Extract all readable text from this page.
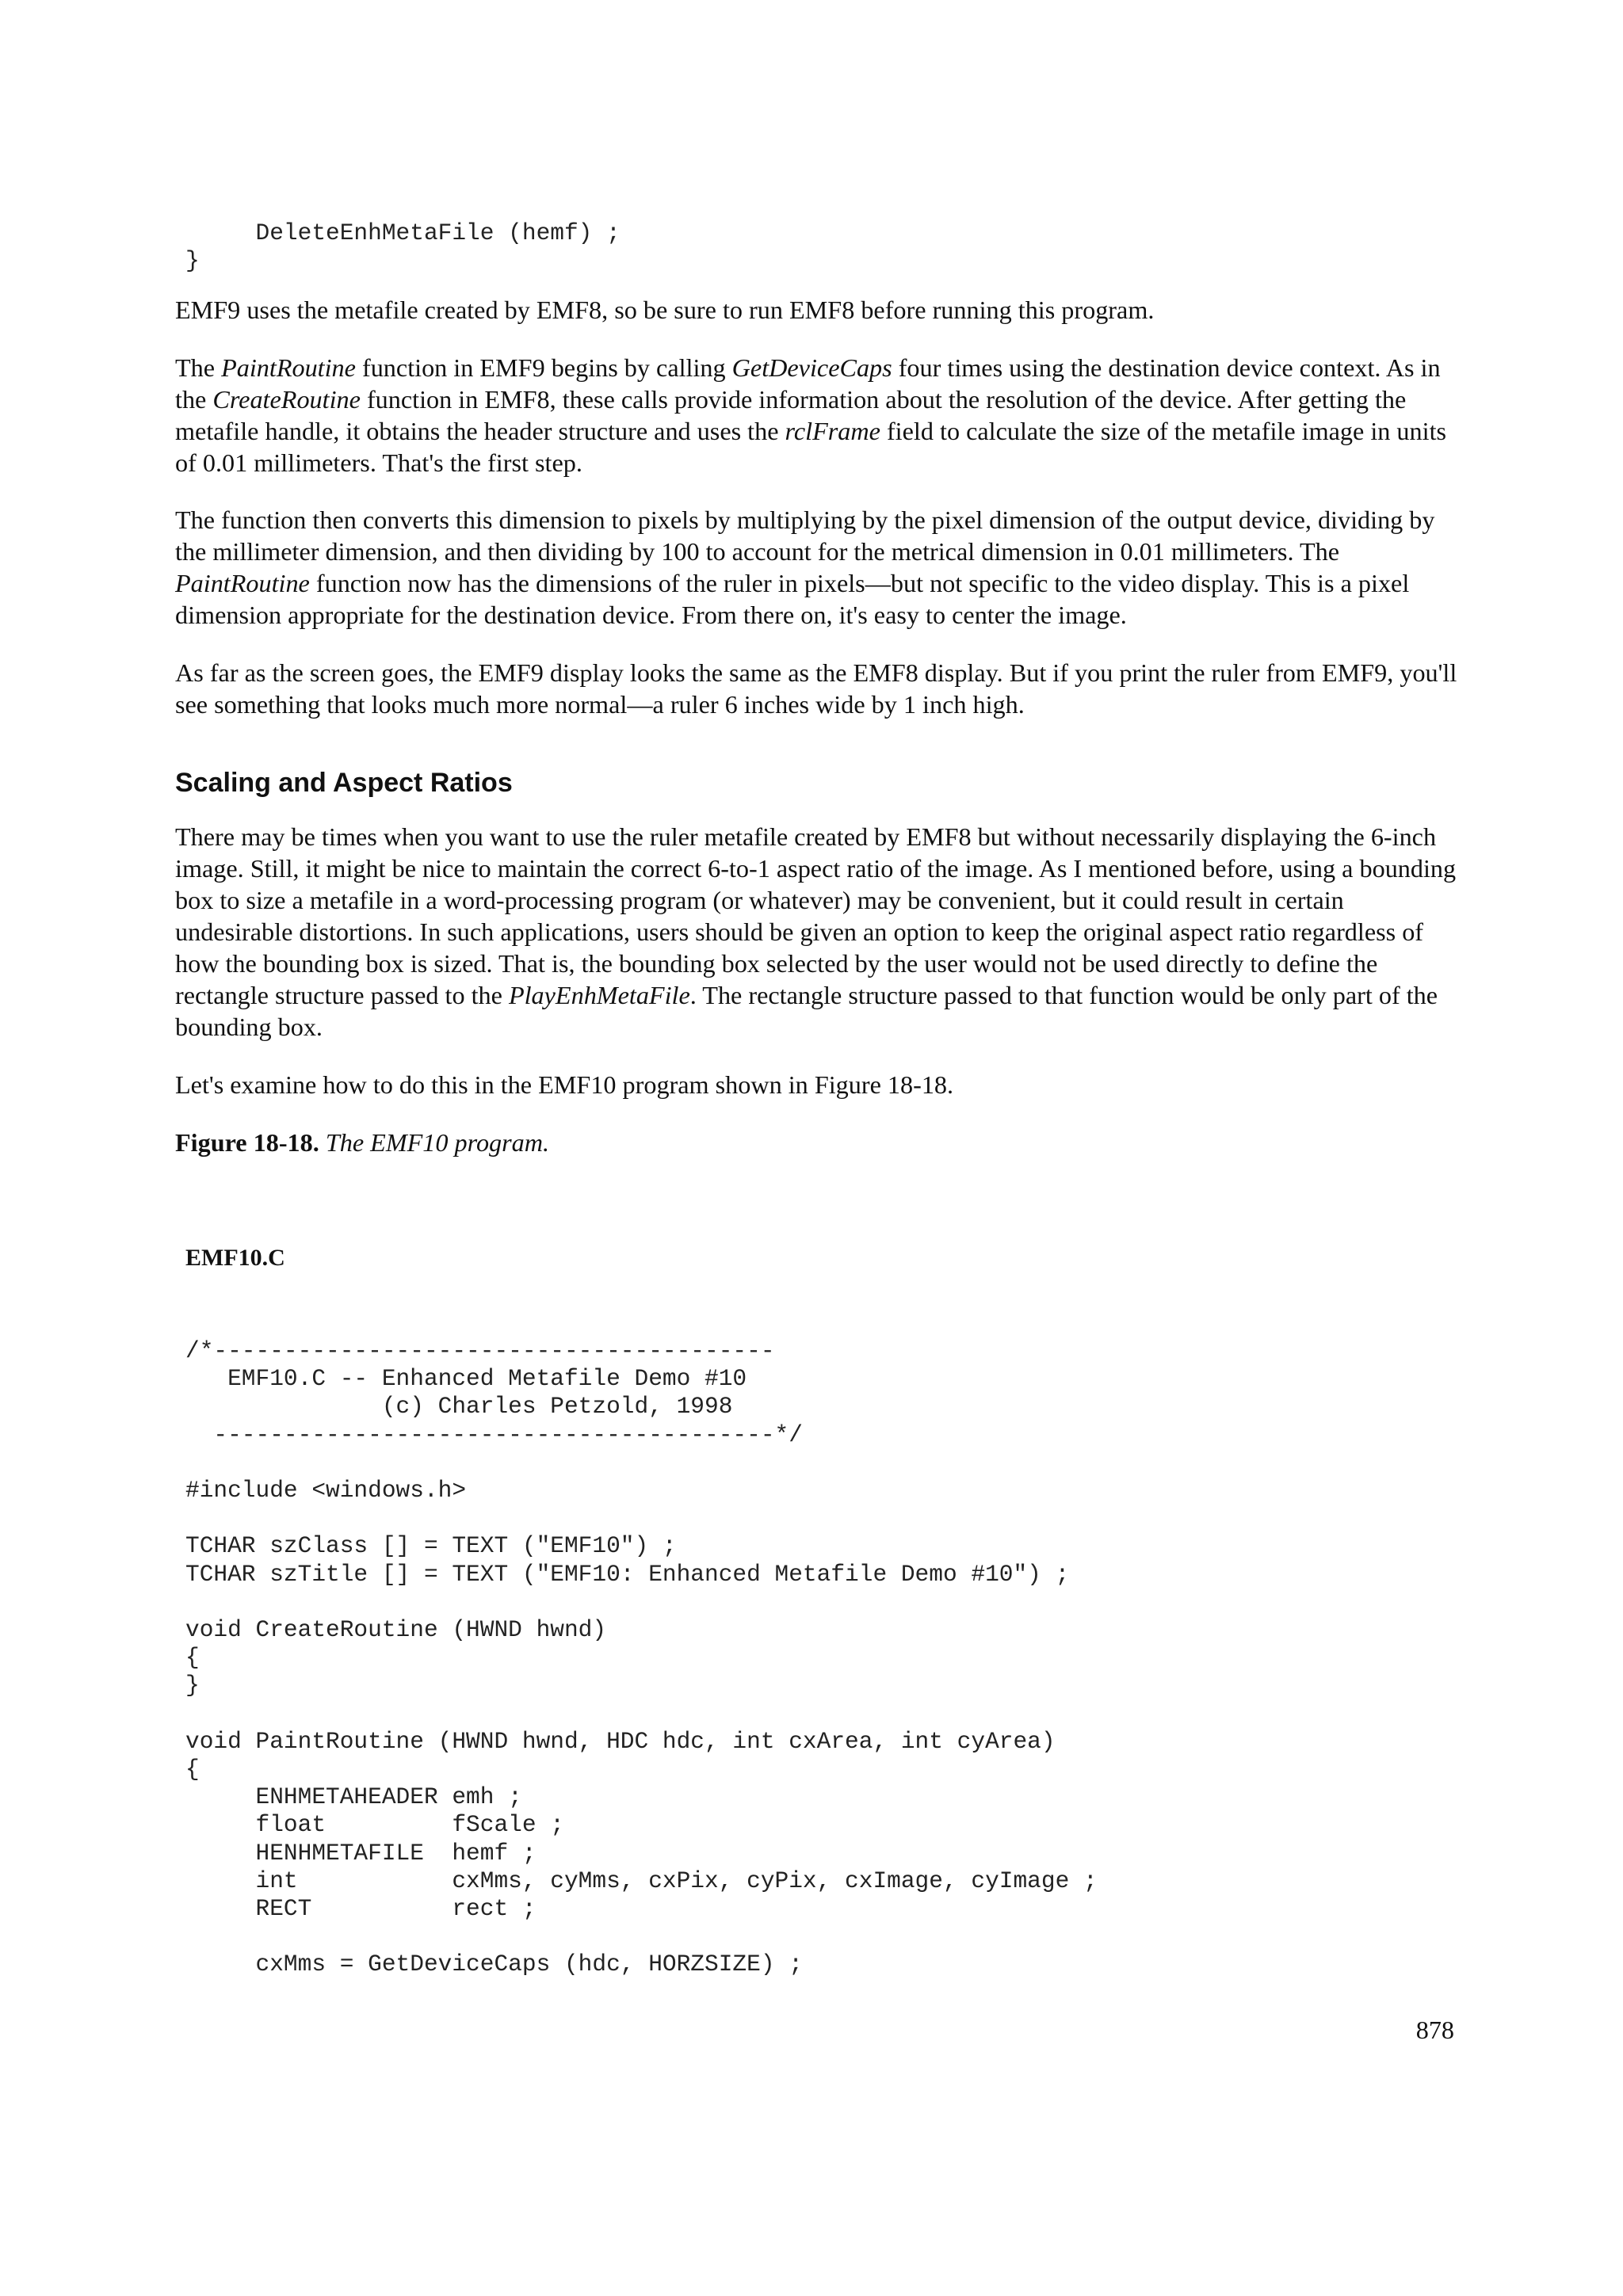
DeleteEnhMetaFile (hemf) ;
}

EMF9 uses the metafile created by EMF8, so be sure to run EMF8 before running this program.

The PaintRoutine function in EMF9 begins by calling GetDeviceCaps four times using the destination device context. As in the CreateRoutine function in EMF8, these calls provide information about the resolution of the device. After getting the metafile handle, it obtains the header structure and uses the rclFrame field to calculate the size of the metafile image in units of 0.01 millimeters. That's the first step.

The function then converts this dimension to pixels by multiplying by the pixel dimension of the output device, dividing by the millimeter dimension, and then dividing by 100 to account for the metrical dimension in 0.01 millimeters. The PaintRoutine function now has the dimensions of the ruler in pixels—but not specific to the video display. This is a pixel dimension appropriate for the destination device. From there on, it's easy to center the image.

As far as the screen goes, the EMF9 display looks the same as the EMF8 display. But if you print the ruler from EMF9, you'll see something that looks much more normal—a ruler 6 inches wide by 1 inch high.

Scaling and Aspect Ratios

There may be times when you want to use the ruler metafile created by EMF8 but without necessarily displaying the 6-inch image. Still, it might be nice to maintain the correct 6-to-1 aspect ratio of the image. As I mentioned before, using a bounding box to size a metafile in a word-processing program (or whatever) may be convenient, but it could result in certain undesirable distortions. In such applications, users should be given an option to keep the original aspect ratio regardless of how the bounding box is sized. That is, the bounding box selected by the user would not be used directly to define the rectangle structure passed to the PlayEnhMetaFile. The rectangle structure passed to that function would be only part of the bounding box.

Let's examine how to do this in the EMF10 program shown in Figure 18-18.

Figure 18-18. The EMF10 program.

EMF10.C

/*----------------------------------------
EMF10.C -- Enhanced Metafile Demo #10
(c) Charles Petzold, 1998
----------------------------------------*/

#include <windows.h>

TCHAR szClass [] = TEXT ("EMF10") ;
TCHAR szTitle [] = TEXT ("EMF10: Enhanced Metafile Demo #10") ;

void CreateRoutine (HWND hwnd)
{
}

void PaintRoutine (HWND hwnd, HDC hdc, int cxArea, int cyArea)
{
ENHMETAHEADER emh ;
float         fScale ;
HENHMETAFILE  hemf ;
int           cxMms, cyMms, cxPix, cyPix, cxImage, cyImage ;
RECT          rect ;

cxMms = GetDeviceCaps (hdc, HORZSIZE) ;

878
